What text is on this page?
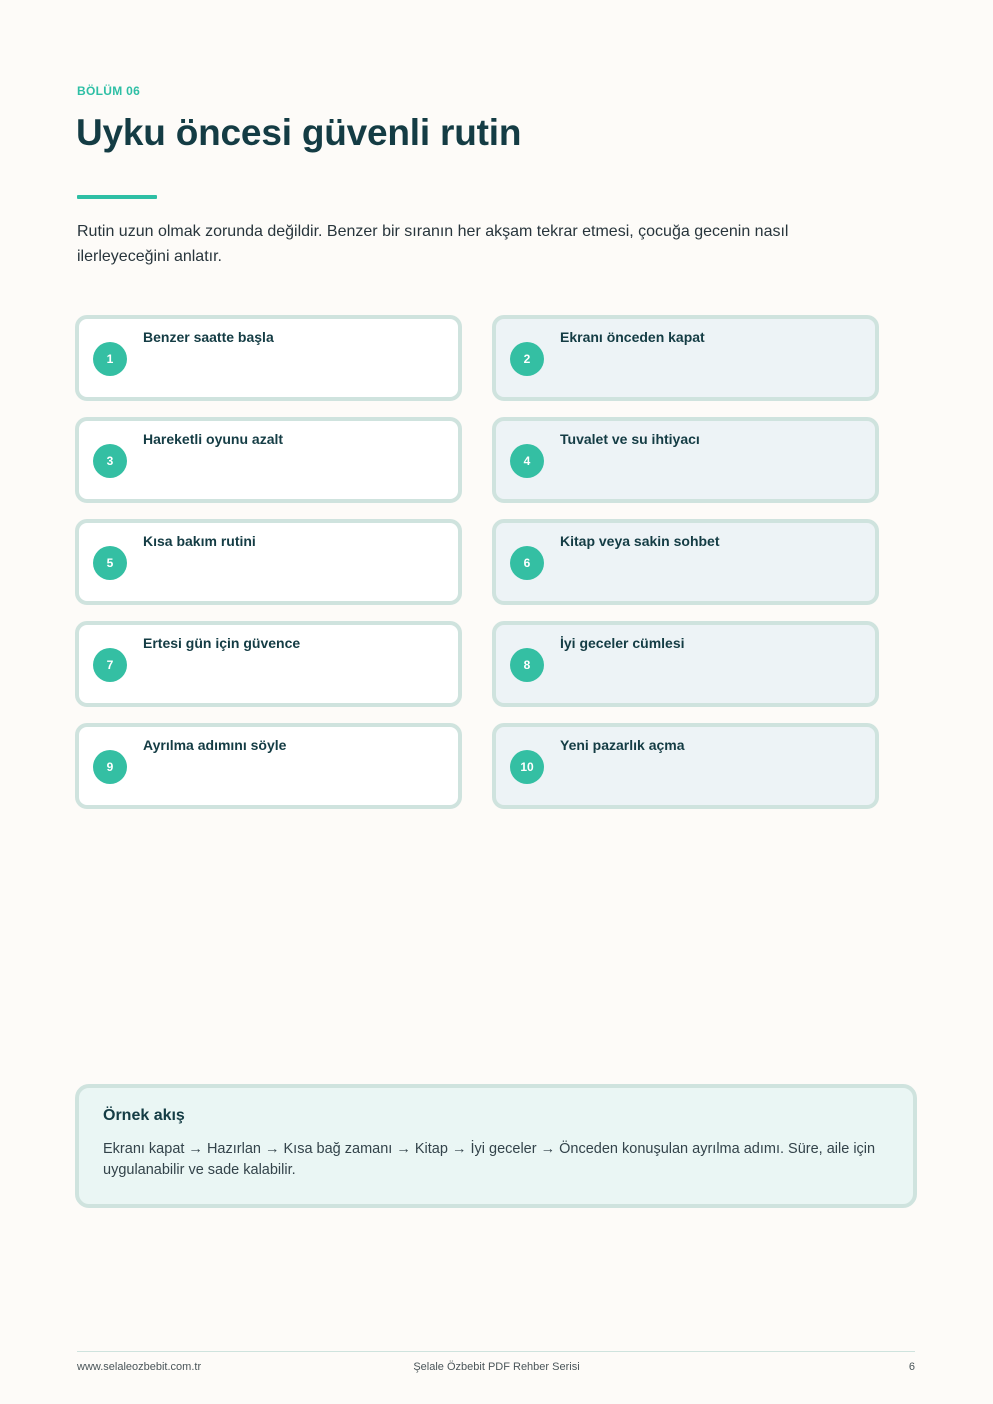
BÖLÜM 06
Uyku öncesi güvenli rutin

Rutin uzun olmak zorunda değildir. Benzer bir sıranın her akşam tekrar etmesi, çocuğa gecenin nasıl ilerleyeceğini anlatır.

1
Benzer saatte başla
2
Ekranı önceden kapat
3
Hareketli oyunu azalt
4
Tuvalet ve su ihtiyacı
5
Kısa bakım rutini
6
Kitap veya sakin sohbet
7
Ertesi gün için güvence
8
İyi geceler cümlesi
9
Ayrılma adımını söyle
10
Yeni pazarlık açma
Örnek akış

Ekranı kapat → Hazırlan → Kısa bağ zamanı → Kitap → İyi geceler → Önceden konuşulan ayrılma adımı. Süre, aile için uygulanabilir ve sade kalabilir.

www.selaleozbebit.com.tr	Şelale Özbebit PDF Rehber Serisi	6
